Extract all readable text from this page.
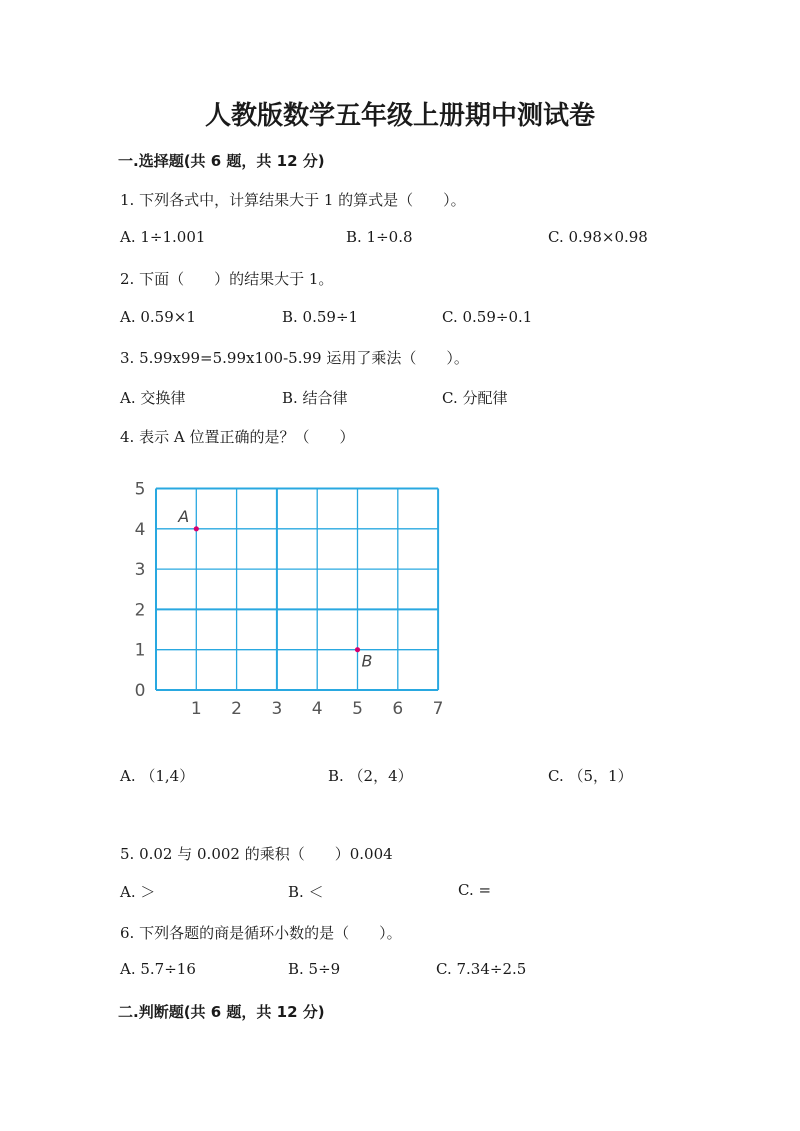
人教版数学五年级上册期中测试卷
一.选择题(共 6 题，共 12 分)
1. 下列各式中，计算结果大于 1 的算式是（　　）。
A. 1÷1.001	B. 1÷0.8	C. 0.98×0.98
2. 下面（　　）的结果大于 1。
A. 0.59×1	B. 0.59÷1	C. 0.59÷0.1
3. 5.99x99=5.99x100-5.99 运用了乘法（　　）。
A. 交换律	B. 结合律	C. 分配律
4. 表示 A 位置正确的是？（　　）
1 2 3 4 5 6 7
0
1
2
3
4
5
A
B
A. （1,4）	B. （2，4）	C. （5，1）
5. 0.02 与 0.002 的乘积（　　）0.004
A. ＞	B. ＜	C. =
6. 下列各题的商是循环小数的是（　　）。
A. 5.7÷16	B. 5÷9	C. 7.34÷2.5
二.判断题(共 6 题，共 12 分)
